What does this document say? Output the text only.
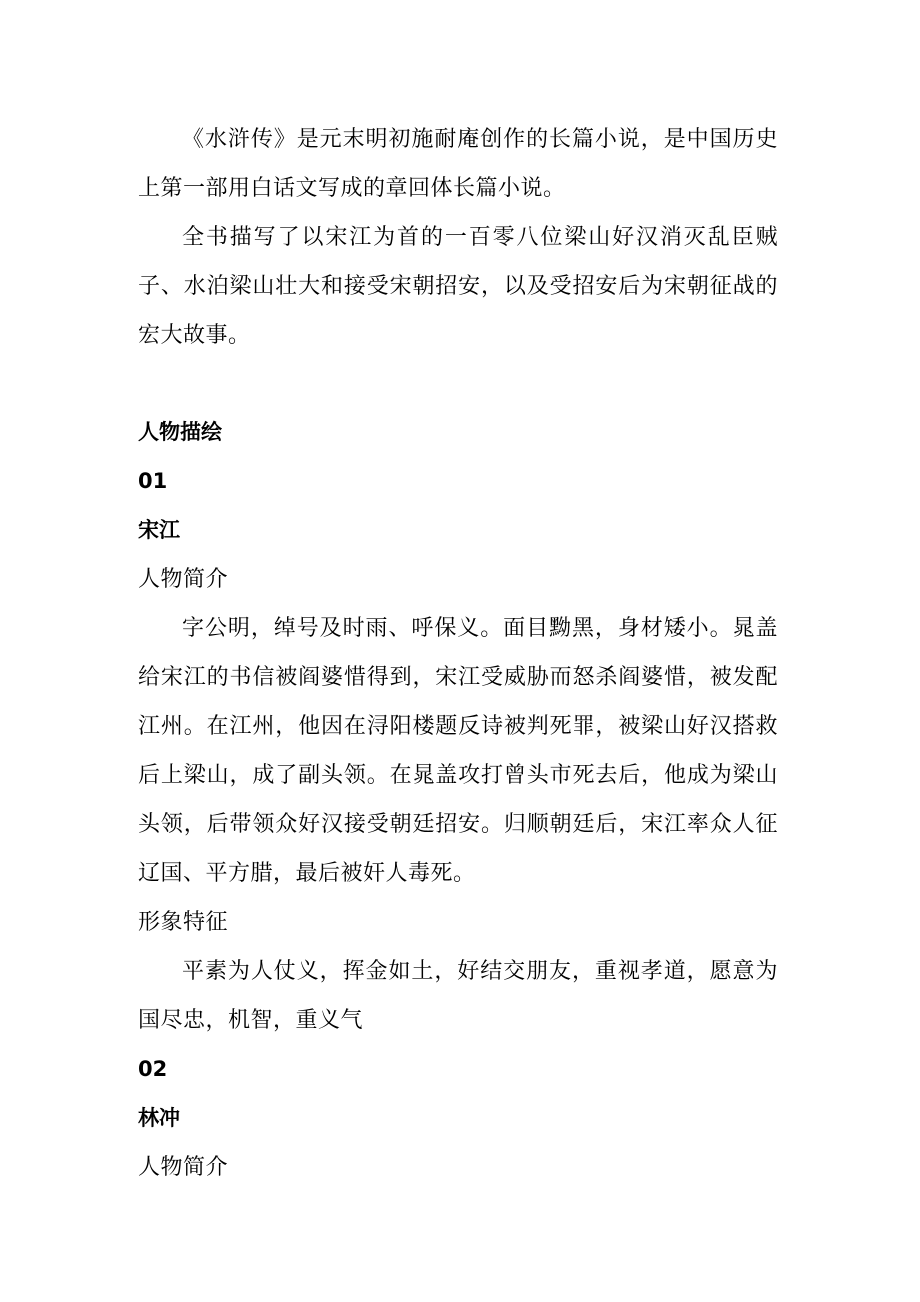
《水浒传》是元末明初施耐庵创作的长篇小说，是中国历史上第一部用白话文写成的章回体长篇小说。

全书描写了以宋江为首的一百零八位梁山好汉消灭乱臣贼子、水泊梁山壮大和接受宋朝招安，以及受招安后为宋朝征战的宏大故事。

人物描绘

01

宋江

人物简介

字公明，绰号及时雨、呼保义。面目黝黑，身材矮小。晁盖给宋江的书信被阎婆惜得到，宋江受威胁而怒杀阎婆惜，被发配江州。在江州，他因在浔阳楼题反诗被判死罪，被梁山好汉搭救后上梁山，成了副头领。在晁盖攻打曾头市死去后，他成为梁山头领，后带领众好汉接受朝廷招安。归顺朝廷后，宋江率众人征辽国、平方腊，最后被奸人毒死。

形象特征

平素为人仗义，挥金如土，好结交朋友，重视孝道，愿意为国尽忠，机智，重义气

02

林冲

人物简介
